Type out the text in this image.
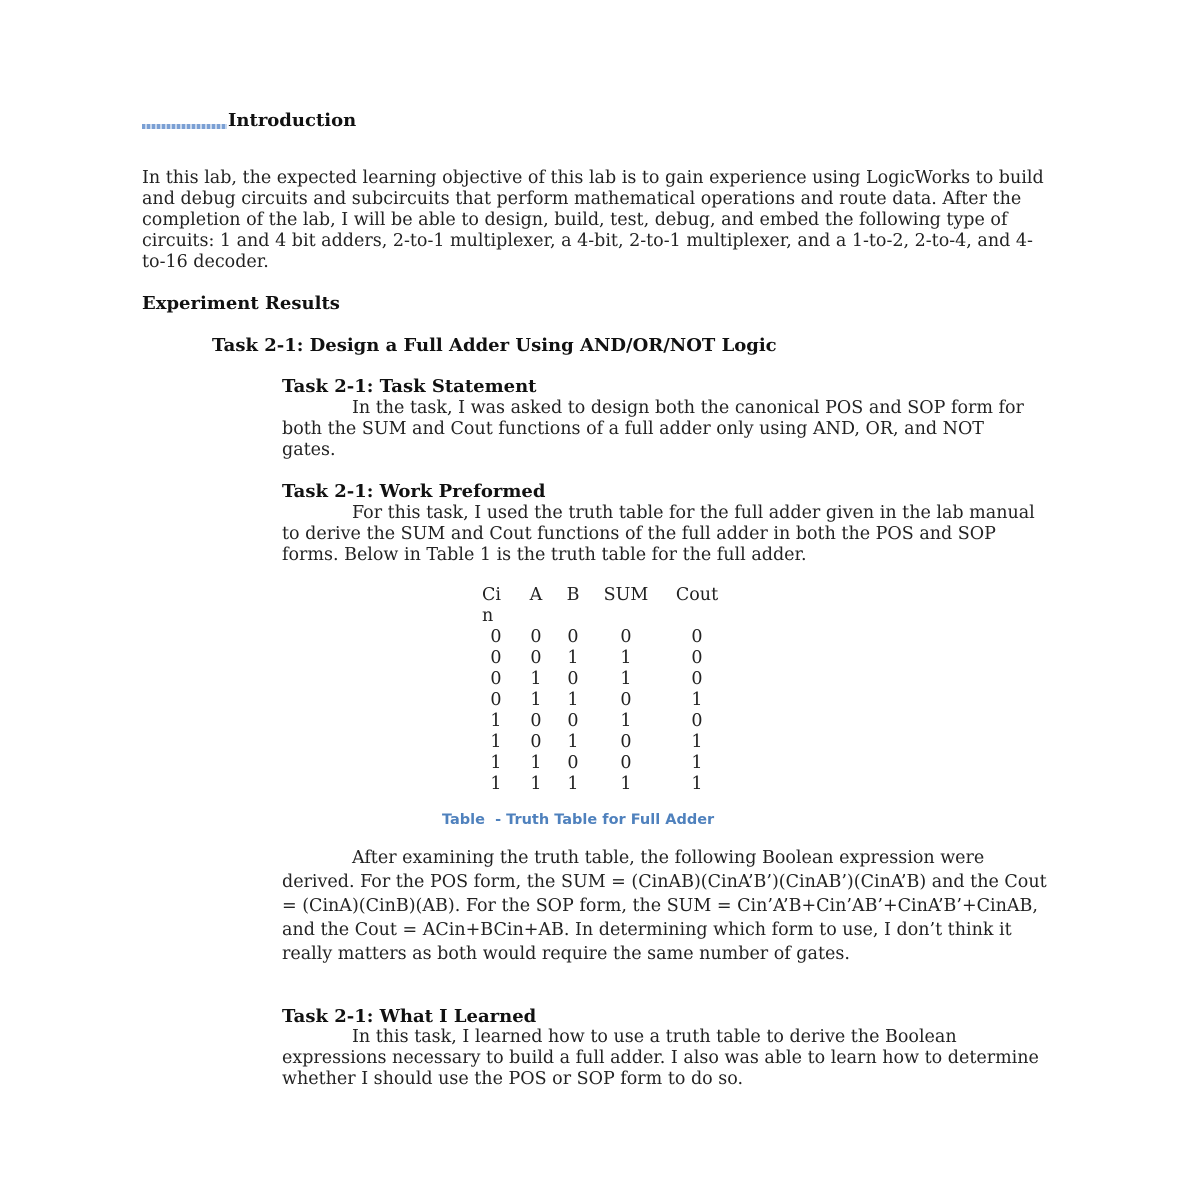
Introduction
In this lab, the expected learning objective of this lab is to gain experience using LogicWorks to build and debug circuits and subcircuits that perform mathematical operations and route data. After the completion of the lab, I will be able to design, build, test, debug, and embed the following type of circuits: 1 and 4 bit adders, 2-to-1 multiplexer, a 4-bit, 2-to-1 multiplexer, and a 1-to-2, 2-to-4, and 4-to-16 decoder.
Experiment Results
Task 2-1: Design a Full Adder Using AND/OR/NOT Logic
Task 2-1: Task Statement
In the task, I was asked to design both the canonical POS and SOP form for both the SUM and Cout functions of a full adder only using AND, OR, and NOT gates.
Task 2-1: Work Preformed
For this task, I used the truth table for the full adder given in the lab manual to derive the SUM and Cout functions of the full adder in both the POS and SOP forms. Below in Table 1 is the truth table for the full adder.
Ci
n	A	B	SUM	Cout
0	0	0	0	0
0	0	1	1	0
0	1	0	1	0
0	1	1	0	1
1	0	0	1	0
1	0	1	0	1
1	1	0	0	1
1	1	1	1	1
Table  - Truth Table for Full Adder
After examining the truth table, the following Boolean expression were derived. For the POS form, the SUM = (CinAB)(CinA’B’)(CinAB’)(CinA’B) and the Cout = (CinA)(CinB)(AB). For the SOP form, the SUM = Cin’A’B+Cin’AB’+CinA’B’+CinAB, and the Cout = ACin+BCin+AB. In determining which form to use, I don’t think it really matters as both would require the same number of gates.
Task 2-1: What I Learned
In this task, I learned how to use a truth table to derive the Boolean expressions necessary to build a full adder. I also was able to learn how to determine whether I should use the POS or SOP form to do so.
